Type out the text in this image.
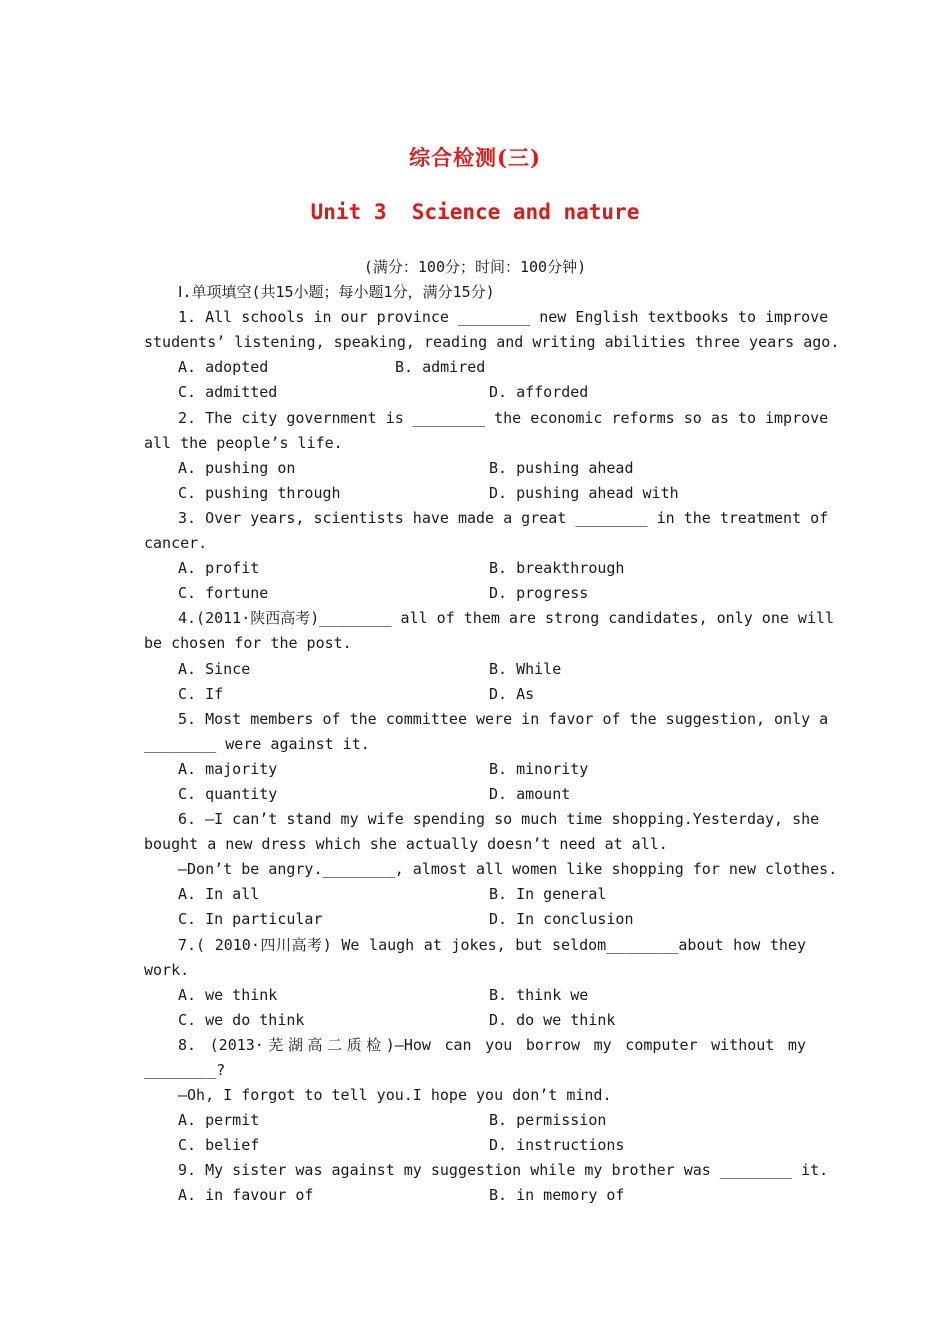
综合检测(三)
Unit 3  Science and nature
(满分：100分；时间：100分钟)
Ⅰ.单项填空(共15小题；每小题1分，满分15分)
1. All schools in our province ________ new English textbooks to improve
students’ listening, speaking, reading and writing abilities three years ago.
A. adopted	B. admired
C. admitted	D. afforded
2. The city government is ________ the economic reforms so as to improve
all the people’s life.
A. pushing on	B. pushing ahead
C. pushing through	D. pushing ahead with
3. Over years, scientists have made a great ________ in the treatment of
cancer.
A. profit	B. breakthrough
C. fortune	D. progress
4.(2011·陕西高考)________ all of them are strong candidates, only one will
be chosen for the post.
A. Since	B. While
C. If	D. As
5. Most members of the committee were in favor of the suggestion, only a
________ were against it.
A. majority	B. minority
C. quantity	D. amount
6. —I can’t stand my wife spending so much time shopping.Yesterday, she
bought a new dress which she actually doesn’t need at all.
—Don’t be angry.________, almost all women like shopping for new clothes.
A. In all	B. In general
C. In particular	D. In conclusion
7.( 2010·四川高考) We laugh at jokes, but seldom________about how they
work.
A. we think	B. think we
C. we do think	D. do we think
8. (2013·芜湖高二质检)—How can you borrow my computer without my
________?
—Oh, I forgot to tell you.I hope you don’t mind.
A. permit	B. permission
C. belief	D. instructions
9. My sister was against my suggestion while my brother was ________ it.
A. in favour of	B. in memory of
